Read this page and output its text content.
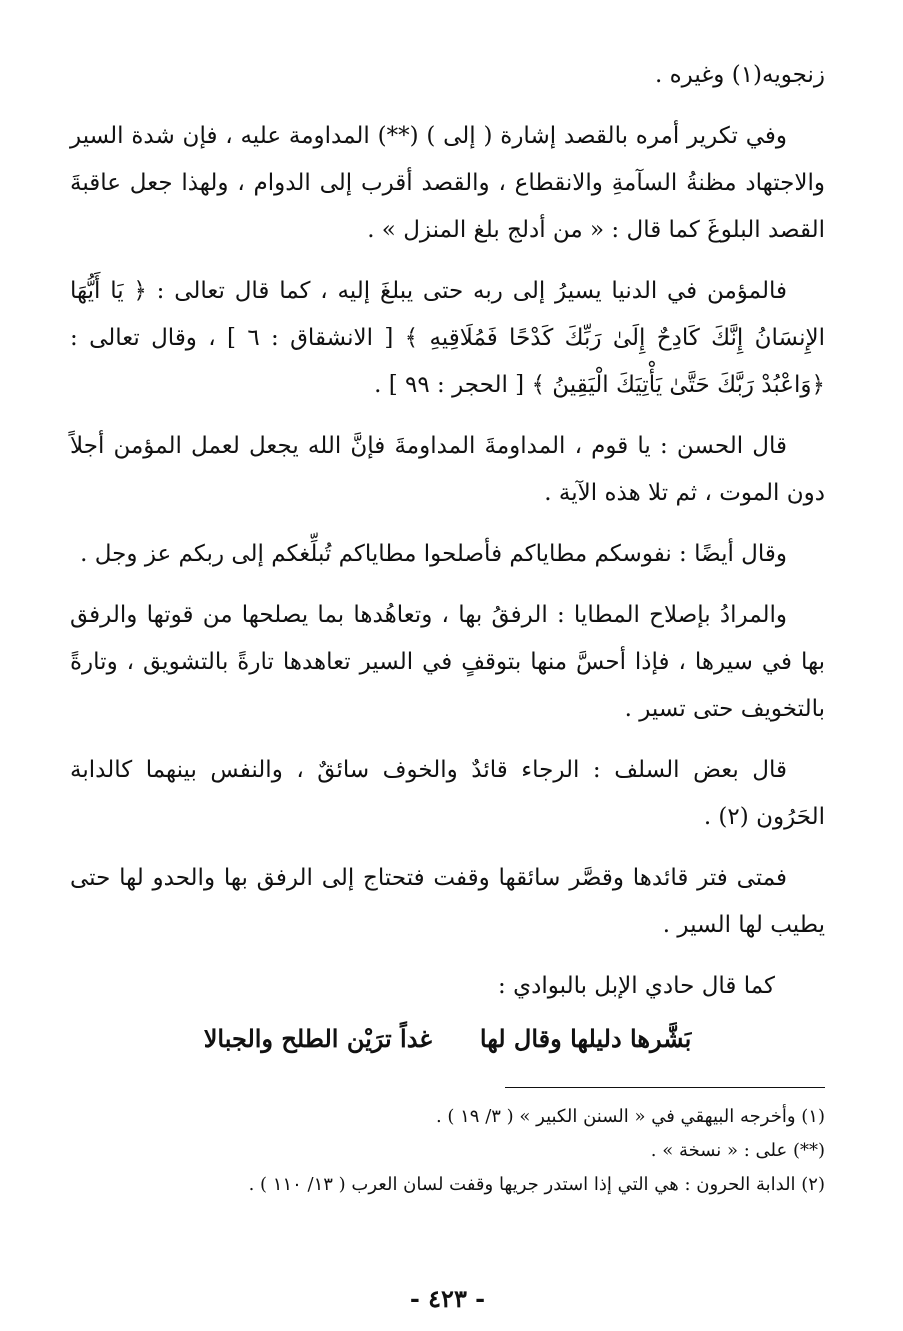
زنجويه(١) وغيره .

وفي تكرير أمره بالقصد إشارة ( إلى ) (**) المداومة عليه ، فإن شدة السير والاجتهاد مظنةُ السآمةِ والانقطاع ، والقصد أقرب إلى الدوام ، ولهذا جعل عاقبةَ القصد البلوغَ كما قال : « من أدلج بلغ المنزل » .

فالمؤمن في الدنيا يسيرُ إلى ربه حتى يبلغَ إليه ، كما قال تعالى : ﴿ يَا أَيُّهَا الإِنسَانُ إِنَّكَ كَادِحٌ إِلَىٰ رَبِّكَ كَدْحًا فَمُلَاقِيهِ ﴾ [ الانشقاق : ٦ ] ، وقال تعالى : ﴿وَاعْبُدْ رَبَّكَ حَتَّىٰ يَأْتِيَكَ الْيَقِينُ ﴾ [ الحجر : ٩٩ ] .

قال الحسن : يا قوم ، المداومةَ المداومةَ فإنَّ الله يجعل لعمل المؤمن أجلاً دون الموت ، ثم تلا هذه الآية .

وقال أيضًا : نفوسكم مطاياكم فأصلحوا مطاياكم تُبلِّغكم إلى ربكم عز وجل .

والمرادُ بإصلاح المطايا : الرفقُ بها ، وتعاهُدها بما يصلحها من قوتها والرفق بها في سيرها ، فإذا أحسَّ منها بتوقفٍ في السير تعاهدها تارةً بالتشويق ، وتارةً بالتخويف حتى تسير .

قال بعض السلف : الرجاء قائدٌ والخوف سائقٌ ، والنفس بينهما كالدابة الحَرُون (٢) .

فمتى فتر قائدها وقصَّر سائقها وقفت فتحتاج إلى الرفق بها والحدو لها حتى يطيب لها السير .

كما قال حادي الإبل بالبوادي :

بَشَّرها دليلها وقال لها
غداً ترَيْن الطلح والجبالا
(١) وأخرجه البيهقي في « السنن الكبير » ( ٣/ ١٩ ) .
(**) على : « نسخة » .
(٢) الدابة الحرون : هي التي إذا استدر جريها وقفت لسان العرب ( ١٣/ ١١٠ ) .
- ٤٢٣ -
